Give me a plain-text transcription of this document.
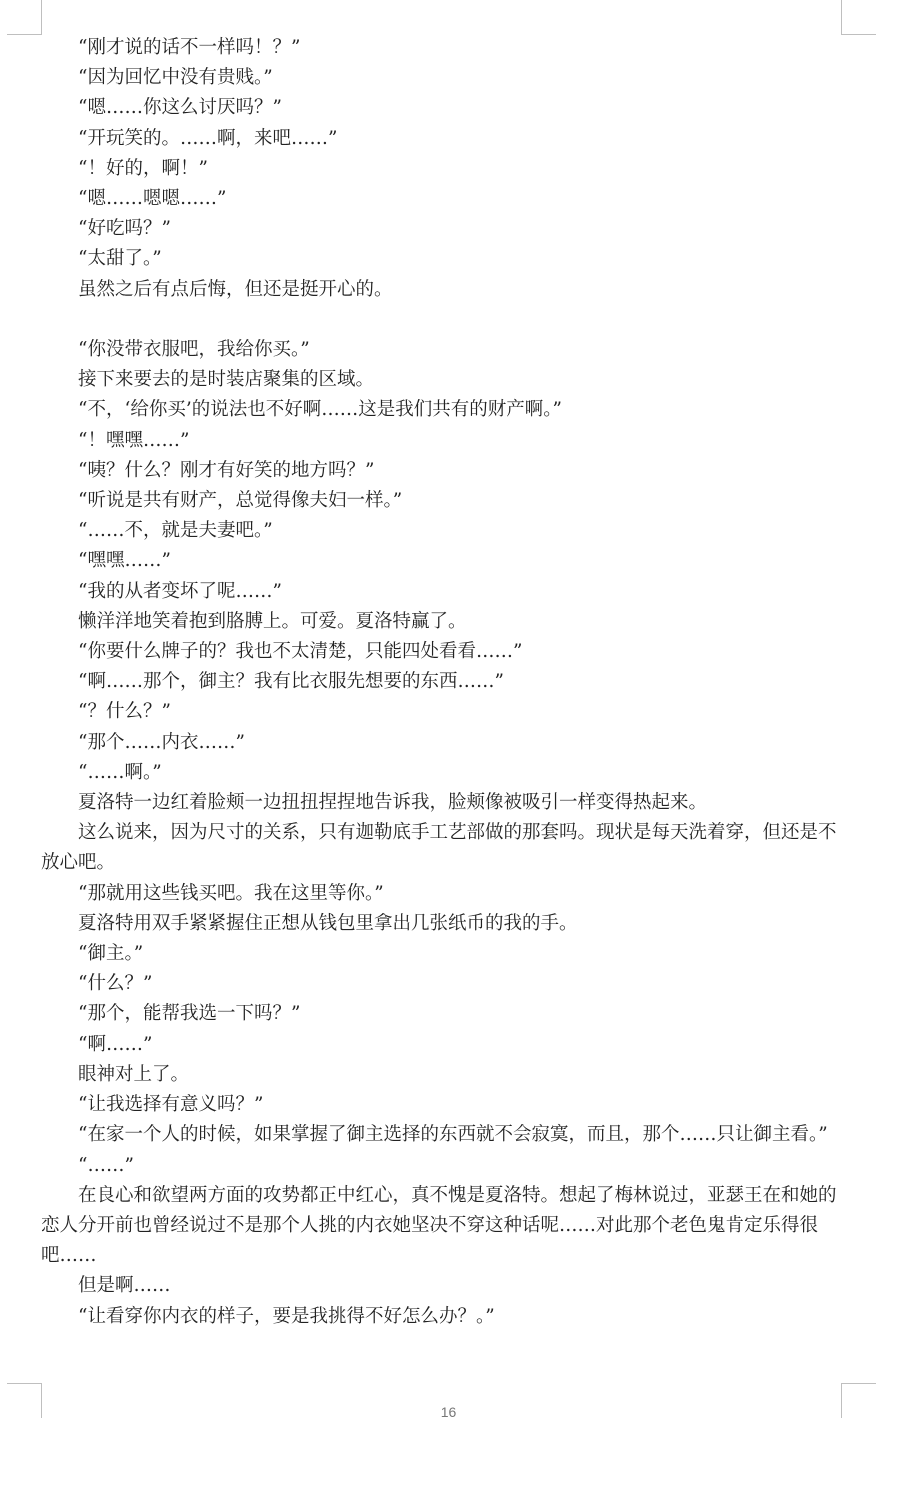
“刚才说的话不一样吗！？”

“因为回忆中没有贵贱。”

“嗯……你这么讨厌吗？”

“开玩笑的。……啊，来吧……”

“！好的，啊！”

“嗯……嗯嗯……”

“好吃吗？”

“太甜了。”

虽然之后有点后悔，但还是挺开心的。

“你没带衣服吧，我给你买。”

接下来要去的是时装店聚集的区域。

“不，‘给你买’的说法也不好啊……这是我们共有的财产啊。”

“！嘿嘿……”

“咦？什么？刚才有好笑的地方吗？”

“听说是共有财产，总觉得像夫妇一样。”

“……不，就是夫妻吧。”

“嘿嘿……”

“我的从者变坏了呢……”

懒洋洋地笑着抱到胳膊上。可爱。夏洛特赢了。

“你要什么牌子的？我也不太清楚，只能四处看看……”

“啊……那个，御主？我有比衣服先想要的东西……”

“？什么？”

“那个……内衣……”

“……啊。”

夏洛特一边红着脸颊一边扭扭捏捏地告诉我，脸颊像被吸引一样变得热起来。

这么说来，因为尺寸的关系，只有迦勒底手工艺部做的那套吗。现状是每天洗着穿，但还是不放心吧。

“那就用这些钱买吧。我在这里等你。”

夏洛特用双手紧紧握住正想从钱包里拿出几张纸币的我的手。

“御主。”

“什么？”

“那个，能帮我选一下吗？”

“啊……”

眼神对上了。

“让我选择有意义吗？”

“在家一个人的时候，如果掌握了御主选择的东西就不会寂寞，而且，那个……只让御主看。”

“……”

在良心和欲望两方面的攻势都正中红心，真不愧是夏洛特。想起了梅林说过，亚瑟王在和她的恋人分开前也曾经说过不是那个人挑的内衣她坚决不穿这种话呢……对此那个老色鬼肯定乐得很吧……

但是啊……

“让看穿你内衣的样子，要是我挑得不好怎么办？。”

16
